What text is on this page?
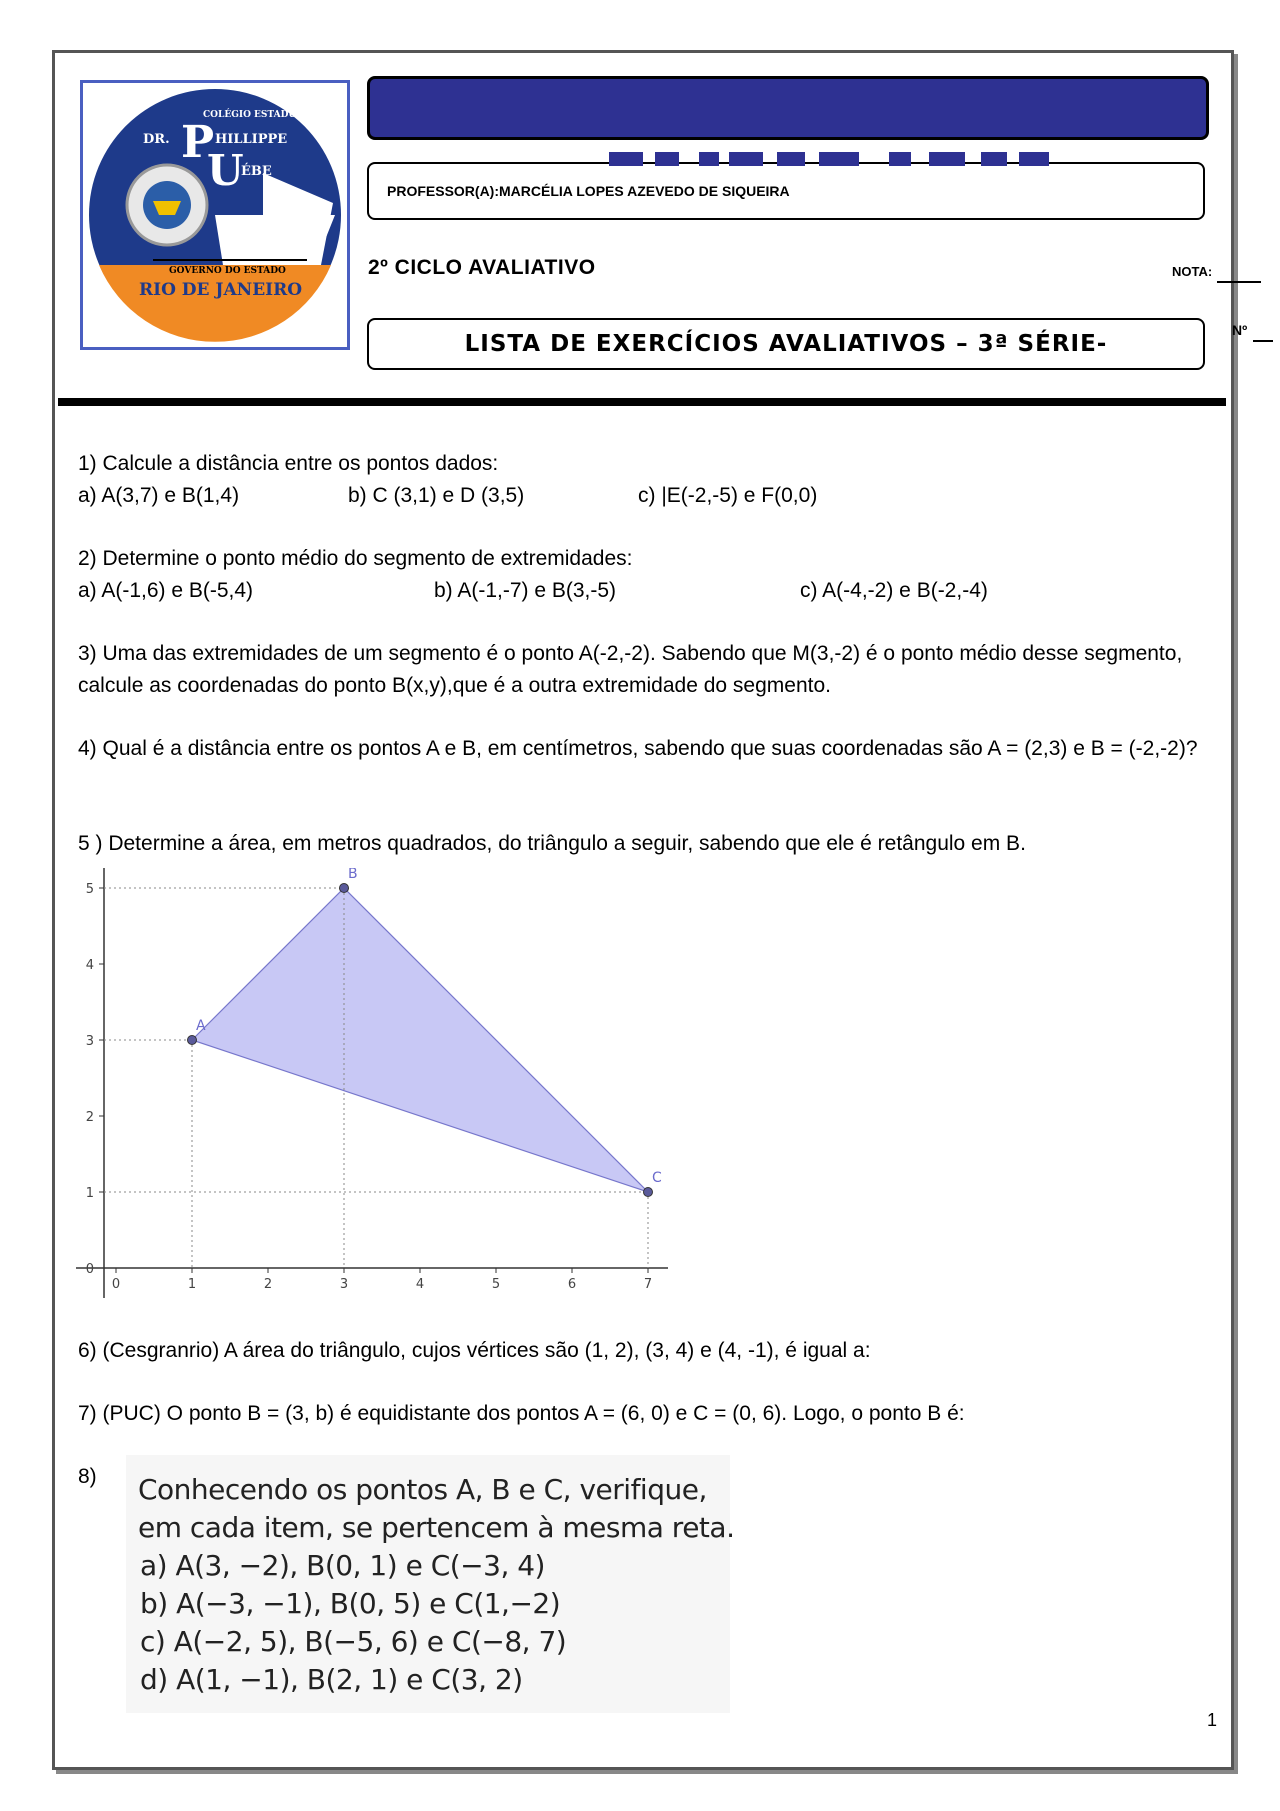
COLÉGIO ESTADUAL
DR. P HILLIPPE
U
ÉBE
GOVERNO DO ESTADO
RIO DE JANEIRO
PROFESSOR(A):MARCÉLIA LOPES AZEVEDO DE SIQUEIRA
2º CICLO AVALIATIVO	NOTA:
LISTA DE EXERCÍCIOS AVALIATIVOS – 3ª SÉRIE-
Nº
1) Calcule a distância entre os pontos dados:
a) A(3,7) e B(1,4)	b) C (3,1) e D (3,5)	c) |E(-2,-5) e F(0,0)
2) Determine o ponto médio do segmento de extremidades:
a) A(-1,6) e B(-5,4)	b) A(-1,-7) e B(3,-5)	c) A(-4,-2) e B(-2,-4)
3) Uma das extremidades de um segmento é o ponto A(-2,-2). Sabendo que M(3,-2) é o ponto médio desse segmento, calcule as coordenadas do ponto B(x,y),que é a outra extremidade do segmento.
4) Qual é a distância entre os pontos A e B, em centímetros, sabendo que suas coordenadas são A = (2,3) e B = (-2,-2)?
5 ) Determine a área, em metros quadrados, do triângulo a seguir, sabendo que ele é retângulo em B.
0	1	2	3	4	5	6	7
0
1
2
3
4
5
A
B
C
6) (Cesgranrio) A área do triângulo, cujos vértices são (1, 2), (3, 4) e (4, -1), é igual a:
7) (PUC) O ponto B = (3, b) é equidistante dos pontos A = (6, 0) e C = (0, 6). Logo, o ponto B é:
8) Conhecendo os pontos A, B e C, verifique,
em cada item, se pertencem à mesma reta.
a) A(3, −2), B(0, 1) e C(−3, 4)
b) A(−3, −1), B(0, 5) e C(1,−2)
c) A(−2, 5), B(−5, 6) e C(−8, 7)
d) A(1, −1), B(2, 1) e C(3, 2)
1
